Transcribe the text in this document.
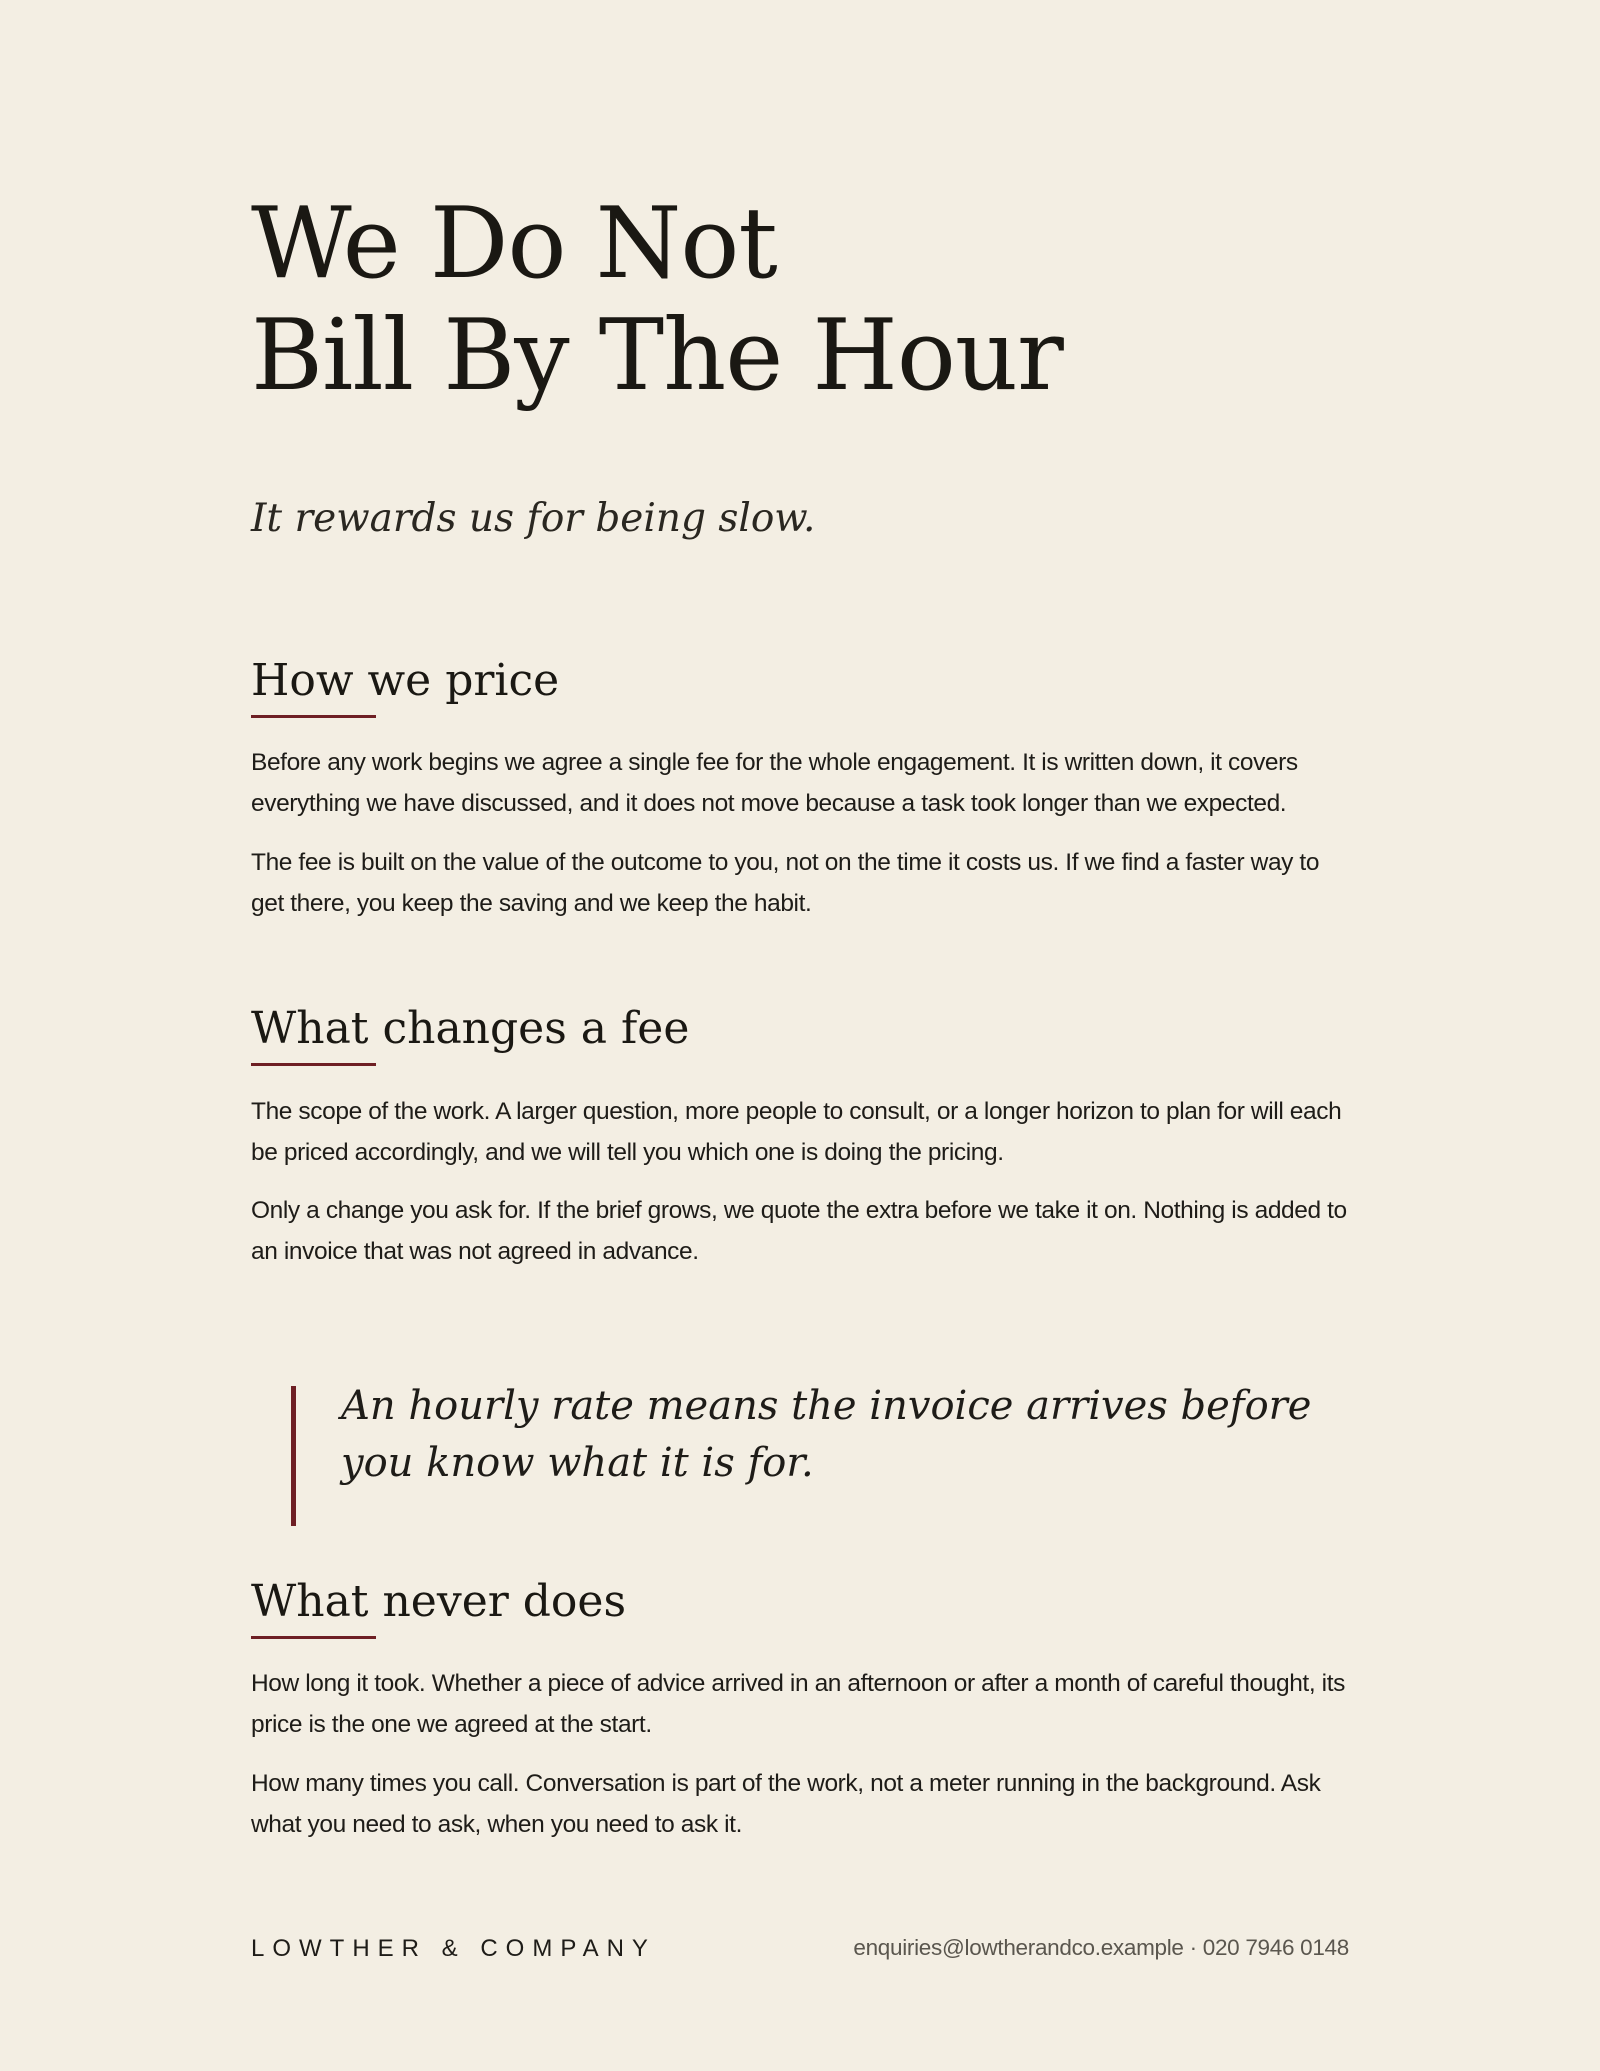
We Do Not
Bill By The Hour

It rewards us for being slow.

How we price

Before any work begins we agree a single fee for the whole engagement. It is written down, it covers everything we have discussed, and it does not move because a task took longer than we expected.

The fee is built on the value of the outcome to you, not on the time it costs us. If we find a faster way to get there, you keep the saving and we keep the habit.

What changes a fee

The scope of the work. A larger question, more people to consult, or a longer horizon to plan for will each be priced accordingly, and we will tell you which one is doing the pricing.

Only a change you ask for. If the brief grows, we quote the extra before we take it on. Nothing is added to an invoice that was not agreed in advance.

An hourly rate means the invoice arrives before you know what it is for.

What never does

How long it took. Whether a piece of advice arrived in an afternoon or after a month of careful thought, its price is the one we agreed at the start.

How many times you call. Conversation is part of the work, not a meter running in the background. Ask what you need to ask, when you need to ask it.

LOWTHER & COMPANY	enquiries@lowtherandco.example · 020 7946 0148
